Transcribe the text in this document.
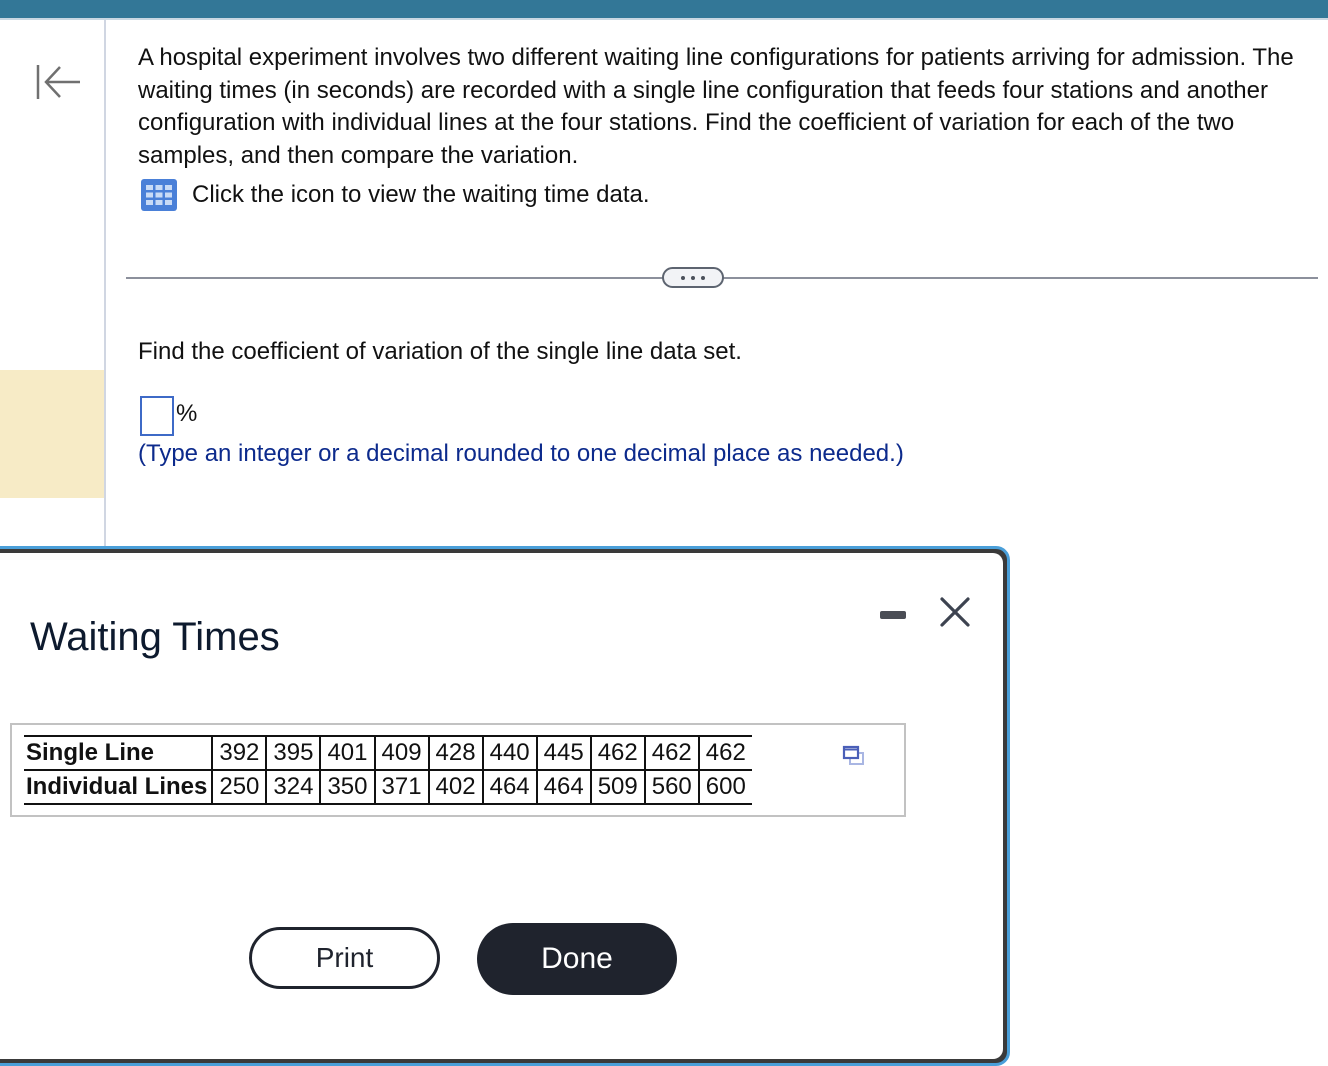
A hospital experiment involves two different waiting line configurations for patients arriving for admission. The waiting times (in seconds) are recorded with a single line configuration that feeds four stations and another configuration with individual lines at the four stations. Find the coefficient of variation for each of the two samples, and then compare the variation.
Click the icon to view the waiting time data.
Find the coefficient of variation of the single line data set.
%
(Type an integer or a decimal rounded to one decimal place as needed.)
Waiting Times
Single Line	392	395	401	409	428	440	445	462	462	462
Individual Lines	250	324	350	371	402	464	464	509	560	600
Print	Done
